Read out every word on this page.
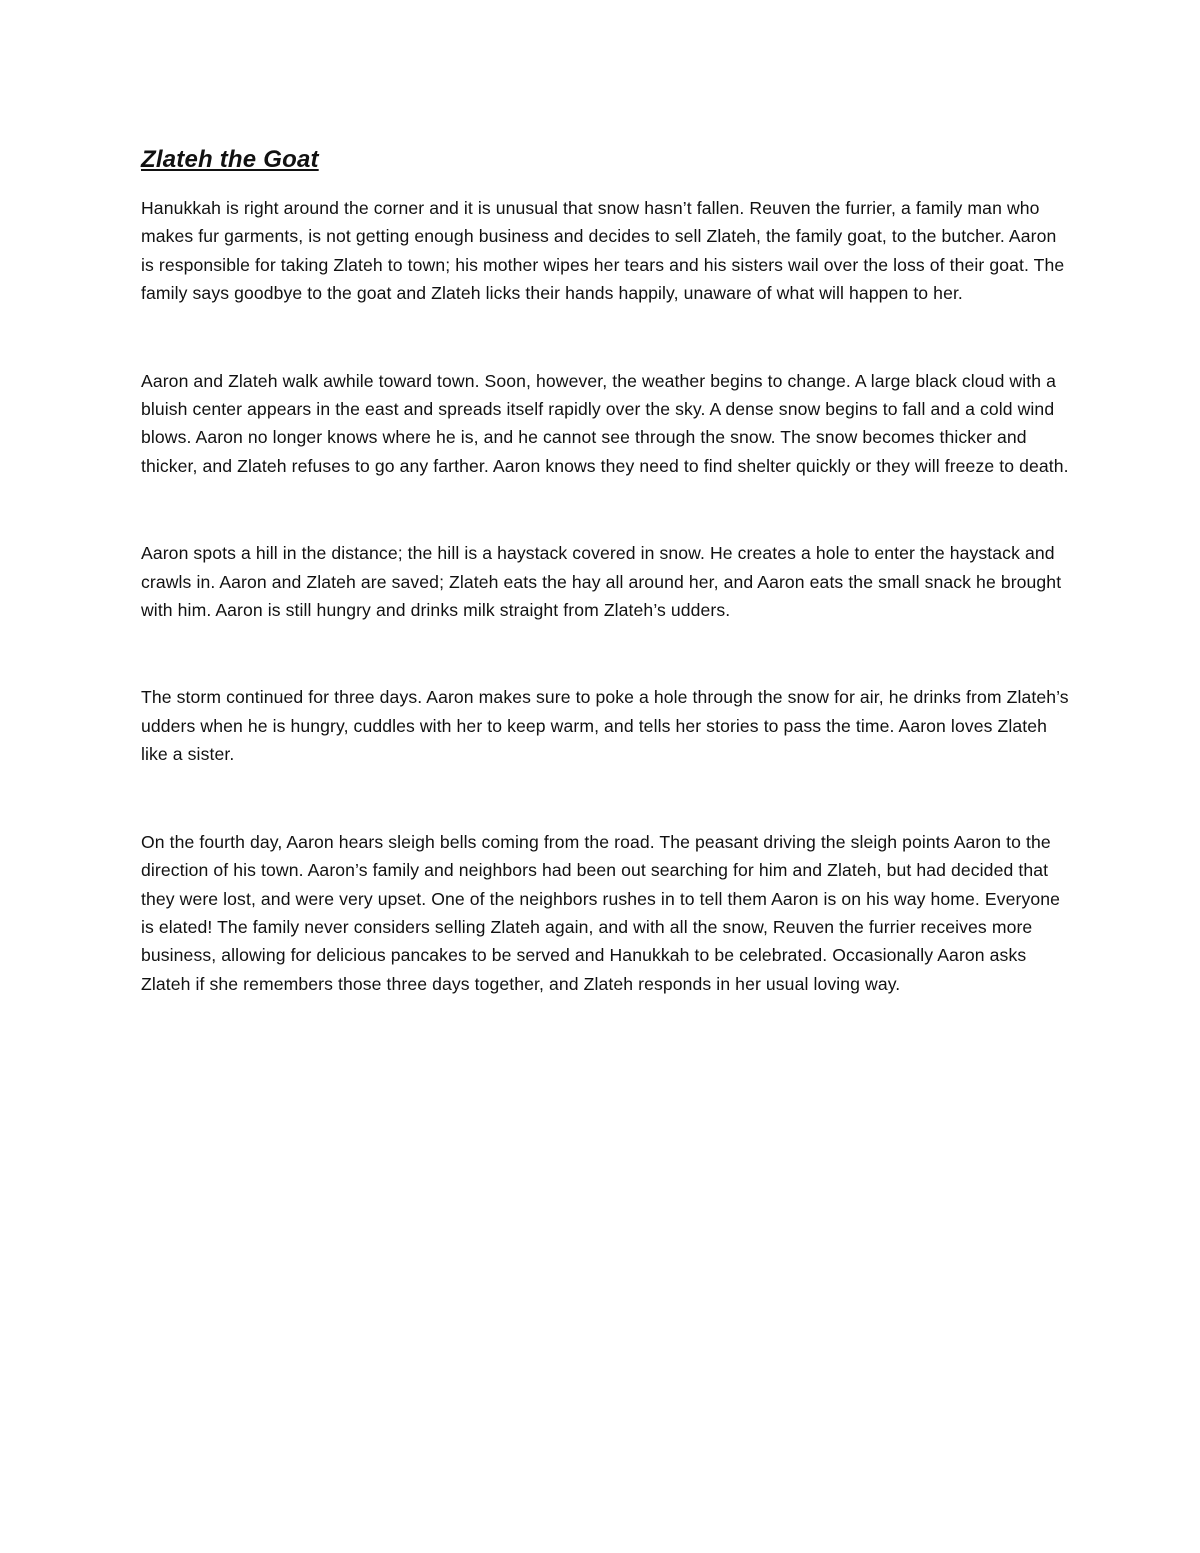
Zlateh the Goat

Hanukkah is right around the corner and it is unusual that snow hasn’t fallen. Reuven the furrier, a family man who makes fur garments, is not getting enough business and decides to sell Zlateh, the family goat, to the butcher. Aaron is responsible for taking Zlateh to town; his mother wipes her tears and his sisters wail over the loss of their goat. The family says goodbye to the goat and Zlateh licks their hands happily, unaware of what will happen to her.

Aaron and Zlateh walk awhile toward town. Soon, however, the weather begins to change. A large black cloud with a bluish center appears in the east and spreads itself rapidly over the sky. A dense snow begins to fall and a cold wind blows. Aaron no longer knows where he is, and he cannot see through the snow. The snow becomes thicker and thicker, and Zlateh refuses to go any farther. Aaron knows they need to find shelter quickly or they will freeze to death.

Aaron spots a hill in the distance; the hill is a haystack covered in snow. He creates a hole to enter the haystack and crawls in. Aaron and Zlateh are saved; Zlateh eats the hay all around her, and Aaron eats the small snack he brought with him. Aaron is still hungry and drinks milk straight from Zlateh’s udders.

The storm continued for three days. Aaron makes sure to poke a hole through the snow for air, he drinks from Zlateh’s udders when he is hungry, cuddles with her to keep warm, and tells her stories to pass the time. Aaron loves Zlateh like a sister.

On the fourth day, Aaron hears sleigh bells coming from the road. The peasant driving the sleigh points Aaron to the direction of his town. Aaron’s family and neighbors had been out searching for him and Zlateh, but had decided that they were lost, and were very upset. One of the neighbors rushes in to tell them Aaron is on his way home. Everyone is elated! The family never considers selling Zlateh again, and with all the snow, Reuven the furrier receives more business, allowing for delicious pancakes to be served and Hanukkah to be celebrated. Occasionally Aaron asks Zlateh if she remembers those three days together, and Zlateh responds in her usual loving way.
